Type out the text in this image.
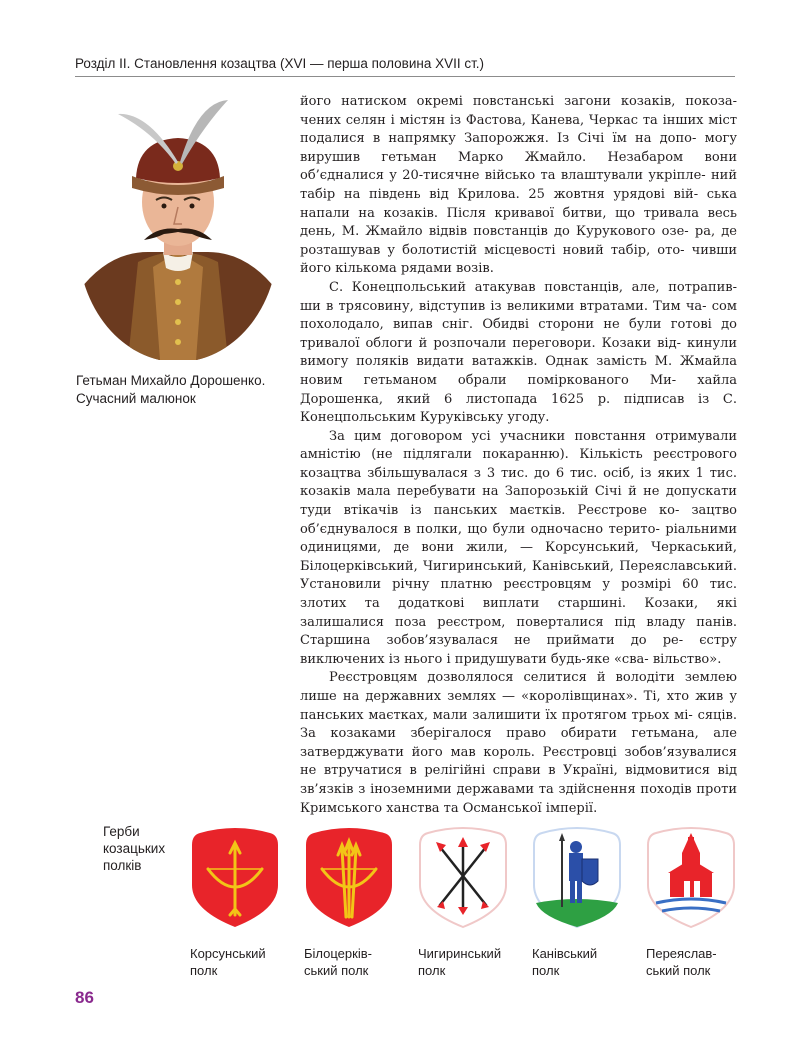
Розділ II. Становлення козацтва (XVI — перша половина XVII ст.)
Гетьман Михайло Дорошенко.
Сучасний малюнок

його натиском окремі повстанські загони козаків, покоза- чених селян і містян із Фастова, Канева, Черкас та інших міст подалися в напрямку Запорожжя. Із Січі їм на допо- могу вирушив гетьман Марко Жмайло. Незабаром вони об’єдналися у 20-тисячне військо та влаштували укріпле- ний табір на південь від Крилова. 25 жовтня урядові вій- ська напали на козаків. Після кривавої битви, що тривала весь день, М. Жмайло відвів повстанців до Курукового озе- ра, де розташував у болотистій місцевості новий табір, ото- чивши його кількома рядами возів.

С. Конецпольський атакував повстанців, але, потрапив- ши в трясовину, відступив із великими втратами. Тим ча- сом похолодало, випав сніг. Обидві сторони не були готові до тривалої облоги й розпочали переговори. Козаки від- кинули вимогу поляків видати ватажків. Однак замість М. Жмайла новим гетьманом обрали поміркованого Ми- хайла Дорошенка, який 6 листопада 1625 р. підписав із С. Конецпольським Куруківську угоду.

За цим договором усі учасники повстання отримували амністію (не підлягали покаранню). Кількість реєстрового козацтва збільшувалася з 3 тис. до 6 тис. осіб, із яких 1 тис. козаків мала перебувати на Запорозькій Січі й не допускати туди втікачів із панських маєтків. Реєстрове ко- зацтво об’єднувалося в полки, що були одночасно терито- ріальними одиницями, де вони жили, — Корсунський, Черкаський, Білоцерківський, Чигиринський, Канівський, Переяславський. Установили річну платню реєстровцям у розмірі 60 тис. злотих та додаткові виплати старшині. Козаки, які залишалися поза реєстром, поверталися під владу панів. Старшина зобов’язувалася не приймати до ре- єстру виключених із нього і придушувати будь-яке «сва- вільство».

Реєстровцям дозволялося селитися й володіти землею лише на державних землях — «королівщинах». Ті, хто жив у панських маєтках, мали залишити їх протягом трьох мі- сяців. За козаками зберігалося право обирати гетьмана, але затверджувати його мав король. Реєстровці зобов’язувалися не втручатися в релігійні справи в Україні, відмовитися від зв’язків з іноземними державами та здійснення походів проти Кримського ханства та Османської імперії.

Герби
козацьких
полків
Корсунський
полк
Білоцерків-
ський полк
Чигиринський
полк
Канівський
полк
Переяслав-
ський полк
86
